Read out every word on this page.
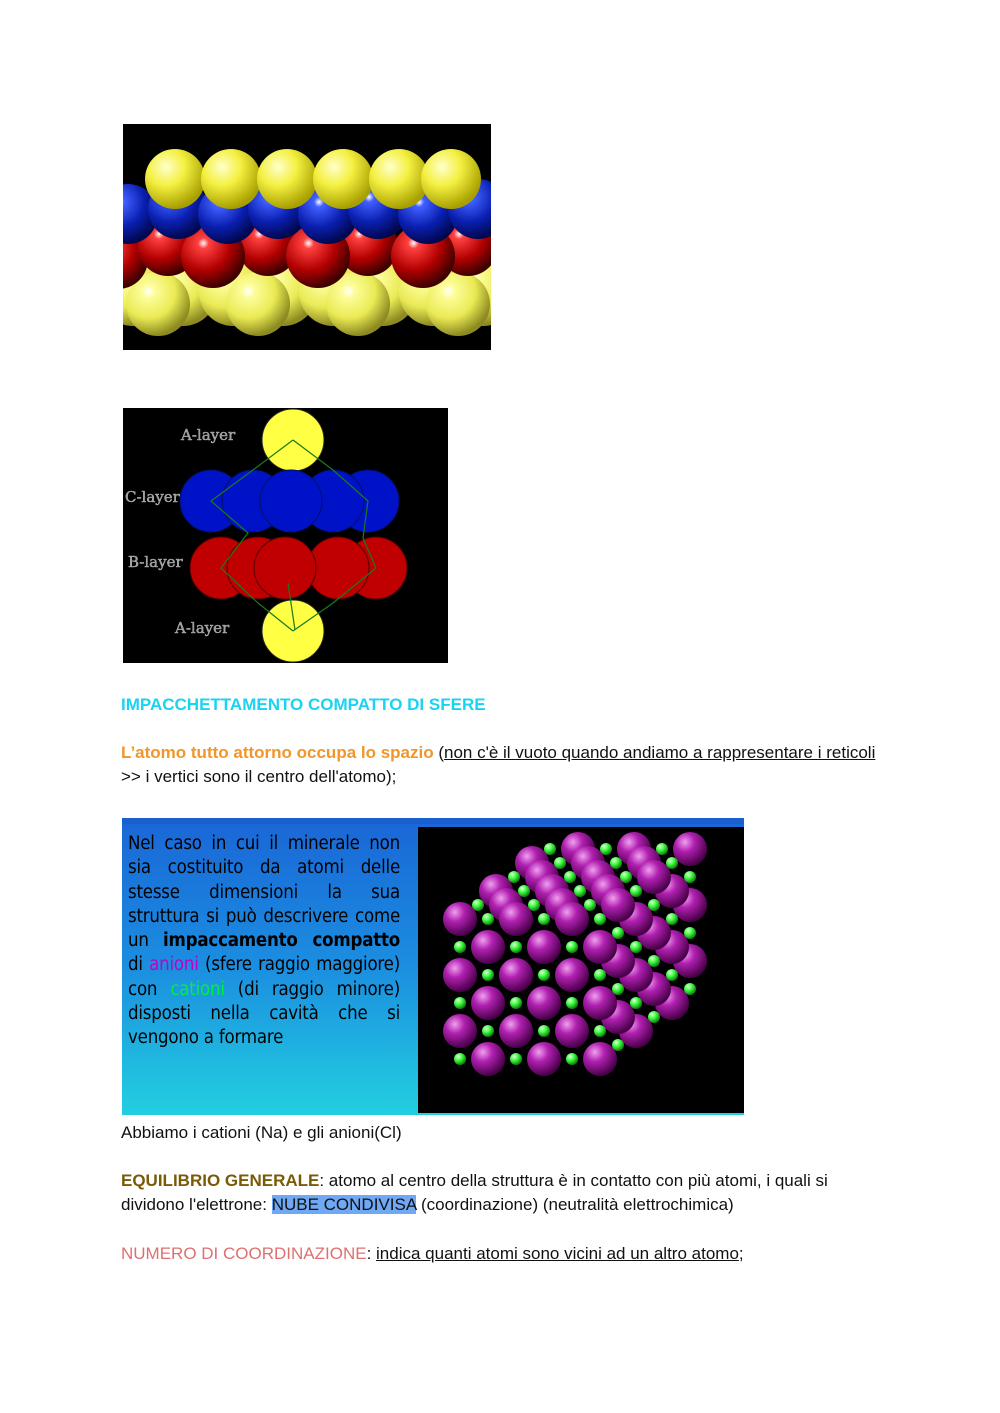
A-layer
C-layer
B-layer
A-layer
IMPACCHETTAMENTO COMPATTO DI SFERE
L’atomo tutto attorno occupa lo spazio (non c'è il vuoto quando andiamo a rappresentare i reticoli >> i vertici sono il centro dell'atomo);
Nel caso in cui il minerale non sia costituito da atomi delle stesse dimensioni la sua struttura si può descrivere come un impaccamento compatto di anioni (sfere raggio maggiore) con cationi (di raggio minore) disposti nella cavità che si vengono a formare
Abbiamo i cationi (Na) e gli anioni(Cl)
EQUILIBRIO GENERALE: atomo al centro della struttura è in contatto con più atomi, i quali si dividono l'elettrone: NUBE CONDIVISA (coordinazione) (neutralità elettrochimica)
NUMERO DI COORDINAZIONE: indica quanti atomi sono vicini ad un altro atomo;
